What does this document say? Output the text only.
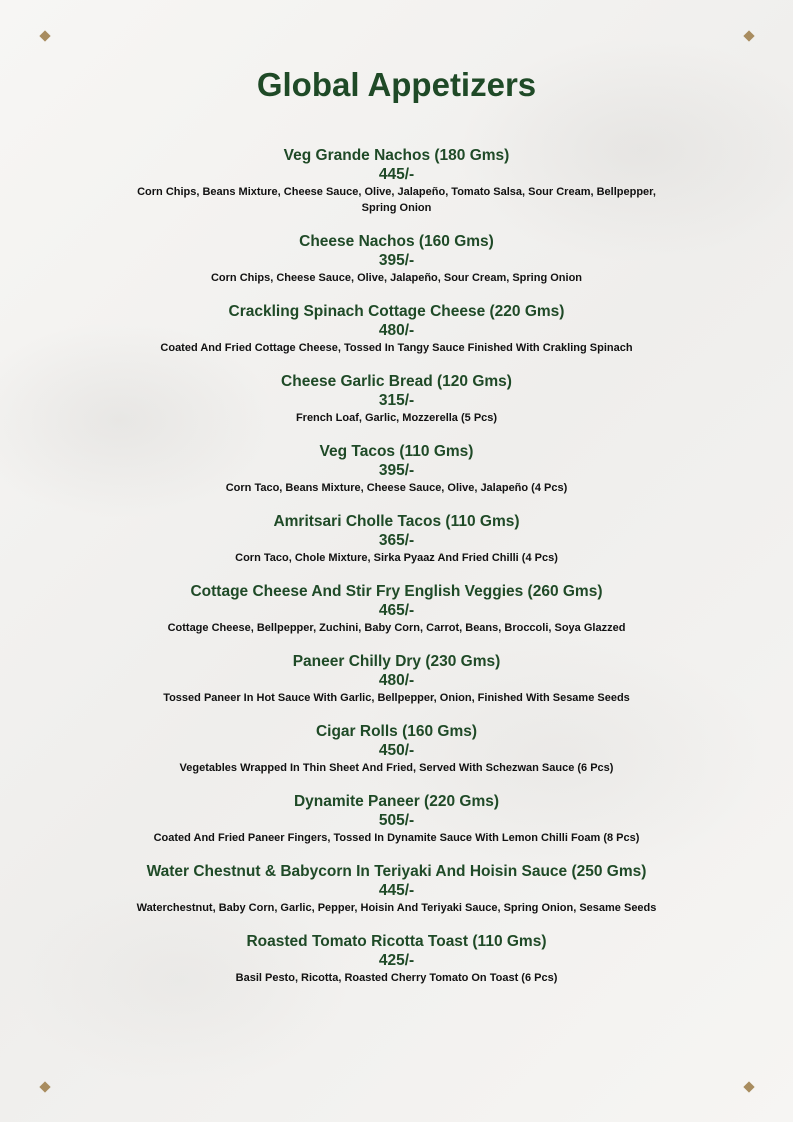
Global Appetizers
Veg Grande Nachos (180 Gms)
445/-
Corn Chips, Beans Mixture, Cheese Sauce, Olive, Jalapeño, Tomato Salsa, Sour Cream, Bellpepper, Spring Onion
Cheese Nachos (160 Gms)
395/-
Corn Chips, Cheese Sauce, Olive, Jalapeño, Sour Cream, Spring Onion
Crackling Spinach Cottage Cheese (220 Gms)
480/-
Coated And Fried Cottage Cheese, Tossed In Tangy Sauce Finished With Crakling Spinach
Cheese Garlic Bread (120 Gms)
315/-
French Loaf, Garlic, Mozzerella (5 Pcs)
Veg Tacos (110 Gms)
395/-
Corn Taco, Beans Mixture, Cheese Sauce, Olive, Jalapeño (4 Pcs)
Amritsari Cholle Tacos (110 Gms)
365/-
Corn Taco, Chole Mixture, Sirka Pyaaz And Fried Chilli (4 Pcs)
Cottage Cheese And Stir Fry English Veggies (260 Gms)
465/-
Cottage Cheese, Bellpepper, Zuchini, Baby Corn, Carrot, Beans, Broccoli, Soya Glazzed
Paneer Chilly Dry (230 Gms)
480/-
Tossed Paneer In Hot Sauce With Garlic, Bellpepper, Onion, Finished With Sesame Seeds
Cigar Rolls (160 Gms)
450/-
Vegetables Wrapped In Thin Sheet And Fried, Served With Schezwan Sauce (6 Pcs)
Dynamite Paneer (220 Gms)
505/-
Coated And Fried Paneer Fingers, Tossed In Dynamite Sauce With Lemon Chilli Foam (8 Pcs)
Water Chestnut & Babycorn In Teriyaki And Hoisin Sauce (250 Gms)
445/-
Waterchestnut, Baby Corn, Garlic, Pepper, Hoisin And Teriyaki Sauce, Spring Onion, Sesame Seeds
Roasted Tomato Ricotta Toast (110 Gms)
425/-
Basil Pesto, Ricotta, Roasted Cherry Tomato On Toast (6 Pcs)
